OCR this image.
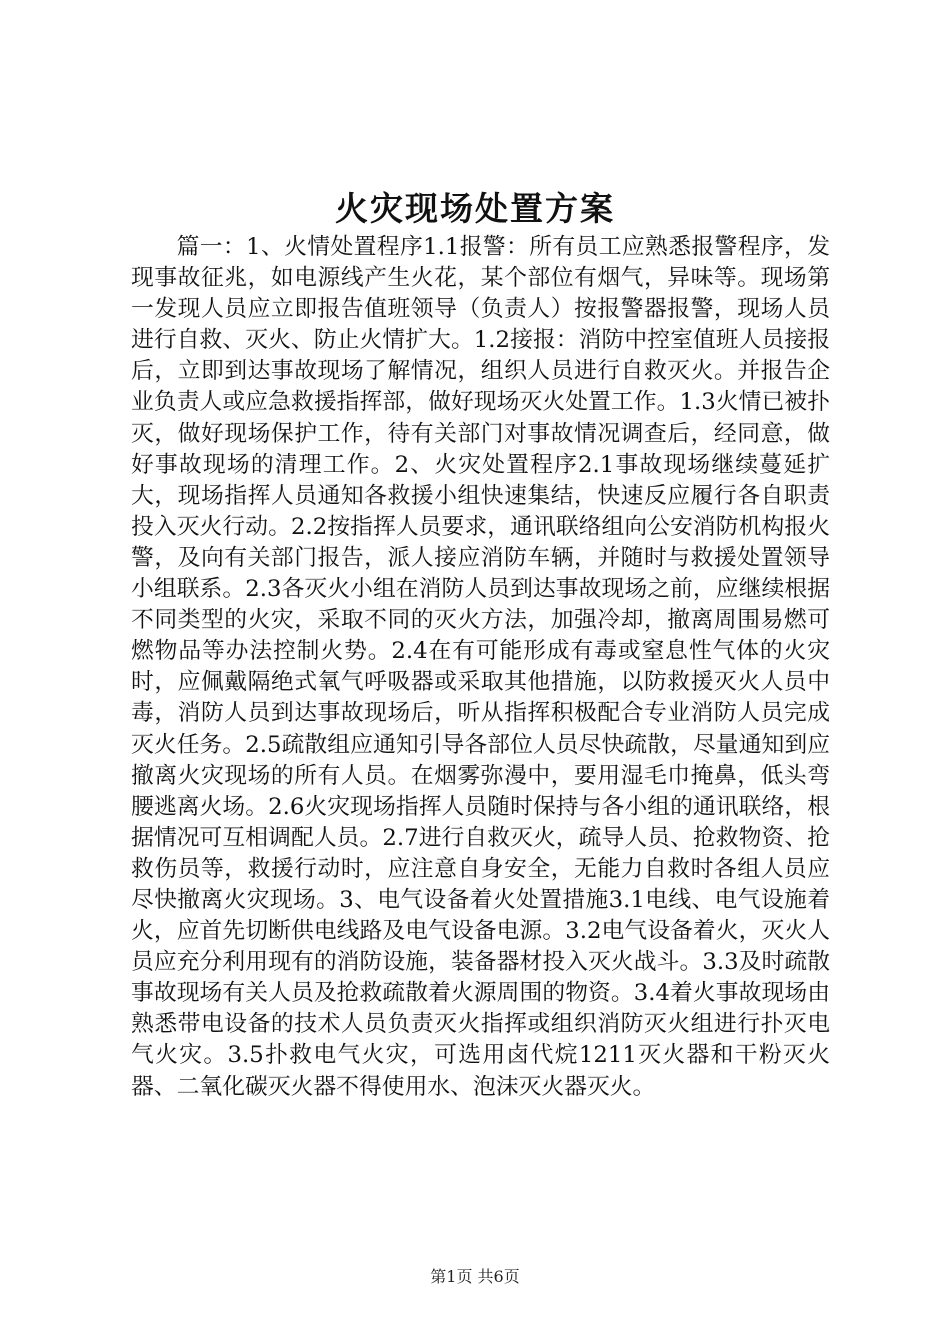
火灾现场处置方案

篇一：1、火情处置程序1.1报警：所有员工应熟悉报警程序，发现事故征兆，如电源线产生火花，某个部位有烟气，异味等。现场第一发现人员应立即报告值班领导（负责人）按报警器报警，现场人员进行自救、灭火、防止火情扩大。1.2接报：消防中控室值班人员接报后，立即到达事故现场了解情况，组织人员进行自救灭火。并报告企业负责人或应急救援指挥部，做好现场灭火处置工作。1.3火情已被扑灭，做好现场保护工作，待有关部门对事故情况调查后，经同意，做好事故现场的清理工作。2、火灾处置程序2.1事故现场继续蔓延扩大，现场指挥人员通知各救援小组快速集结，快速反应履行各自职责投入灭火行动。2.2按指挥人员要求，通讯联络组向公安消防机构报火警，及向有关部门报告，派人接应消防车辆，并随时与救援处置领导小组联系。2.3各灭火小组在消防人员到达事故现场之前，应继续根据不同类型的火灾，采取不同的灭火方法，加强冷却，撤离周围易燃可燃物品等办法控制火势。2.4在有可能形成有毒或窒息性气体的火灾时，应佩戴隔绝式氧气呼吸器或采取其他措施，以防救援灭火人员中毒，消防人员到达事故现场后，听从指挥积极配合专业消防人员完成灭火任务。2.5疏散组应通知引导各部位人员尽快疏散，尽量通知到应撤离火灾现场的所有人员。在烟雾弥漫中，要用湿毛巾掩鼻，低头弯腰逃离火场。2.6火灾现场指挥人员随时保持与各小组的通讯联络，根据情况可互相调配人员。2.7进行自救灭火，疏导人员、抢救物资、抢救伤员等，救援行动时，应注意自身安全，无能力自救时各组人员应尽快撤离火灾现场。3、电气设备着火处置措施3.1电线、电气设施着火，应首先切断供电线路及电气设备电源。3.2电气设备着火，灭火人员应充分利用现有的消防设施，装备器材投入灭火战斗。3.3及时疏散事故现场有关人员及抢救疏散着火源周围的物资。3.4着火事故现场由熟悉带电设备的技术人员负责灭火指挥或组织消防灭火组进行扑灭电气火灾。3.5扑救电气火灾，可选用卤代烷1211灭火器和干粉灭火器、二氧化碳灭火器不得使用水、泡沫灭火器灭火。

第1页 共6页
